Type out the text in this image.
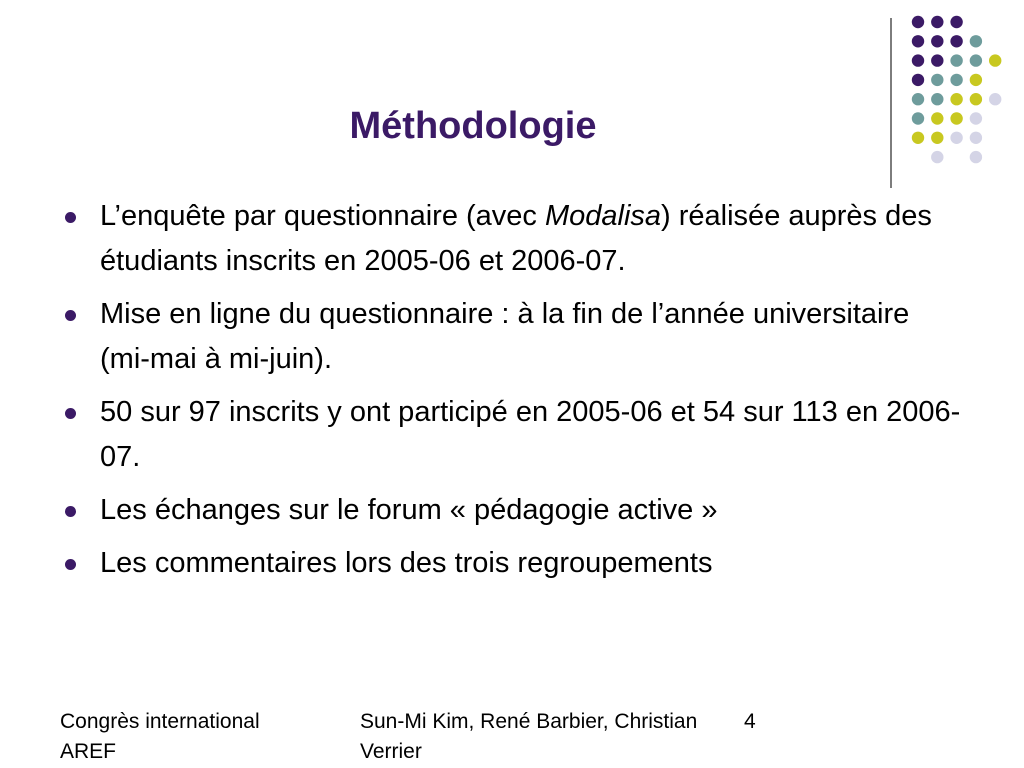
Méthodologie
L’enquête par questionnaire (avec Modalisa) réalisée auprès des étudiants inscrits en 2005-06 et 2006-07.
Mise en ligne du questionnaire : à la fin de l’année universitaire (mi-mai à mi-juin).
50 sur 97 inscrits y ont participé en 2005-06 et 54 sur 113 en 2006-07.
Les échanges sur le forum « pédagogie active »
Les commentaires lors des trois regroupements
Congrès international AREF
Sun-Mi Kim, René Barbier, Christian Verrier
4
